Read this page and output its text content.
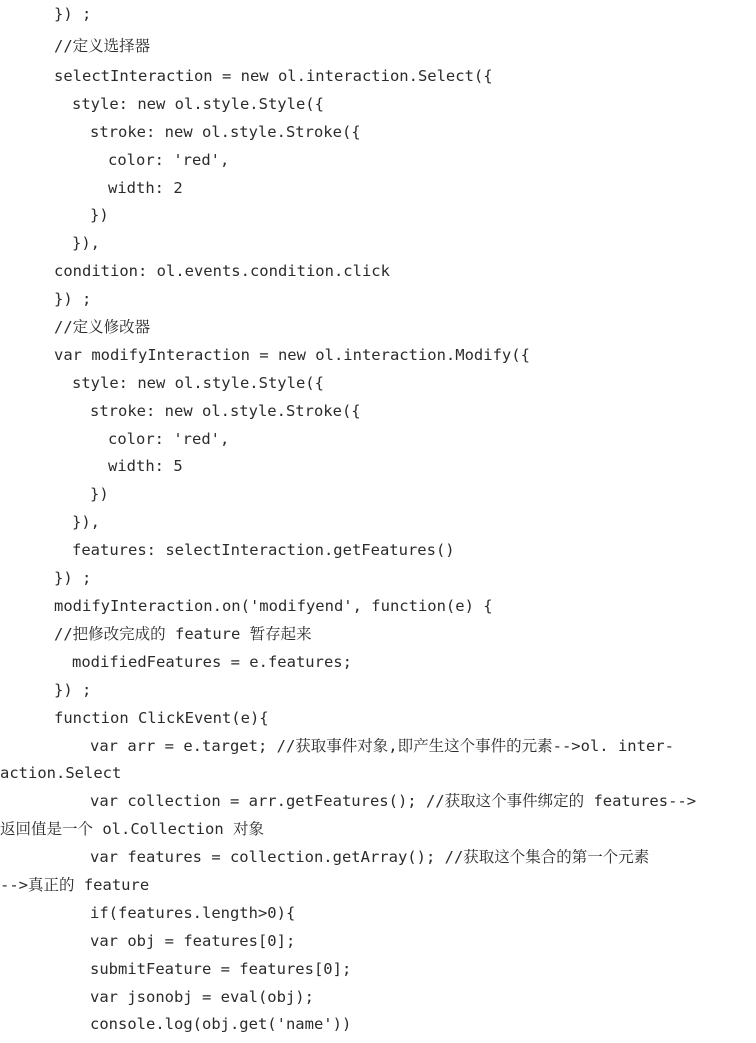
}) ;
//定义选择器
selectInteraction = new ol.interaction.Select({
style: new ol.style.Style({
stroke: new ol.style.Stroke({
color: 'red',
width: 2
})
}),
condition: ol.events.condition.click
}) ;
//定义修改器
var modifyInteraction = new ol.interaction.Modify({
style: new ol.style.Style({
stroke: new ol.style.Stroke({
color: 'red',
width: 5
})
}),
features: selectInteraction.getFeatures()
}) ;
modifyInteraction.on('modifyend', function(e) {
//把修改完成的 feature 暂存起来
modifiedFeatures = e.features;
}) ;
function ClickEvent(e){
var arr = e.target; //获取事件对象,即产生这个事件的元素-->ol. inter-
action.Select
var collection = arr.getFeatures(); //获取这个事件绑定的 features-->
返回值是一个 ol.Collection 对象
var features = collection.getArray(); //获取这个集合的第一个元素
-->真正的 feature
if(features.length>0){
var obj = features[0];
submitFeature = features[0];
var jsonobj = eval(obj);
console.log(obj.get('name'))
